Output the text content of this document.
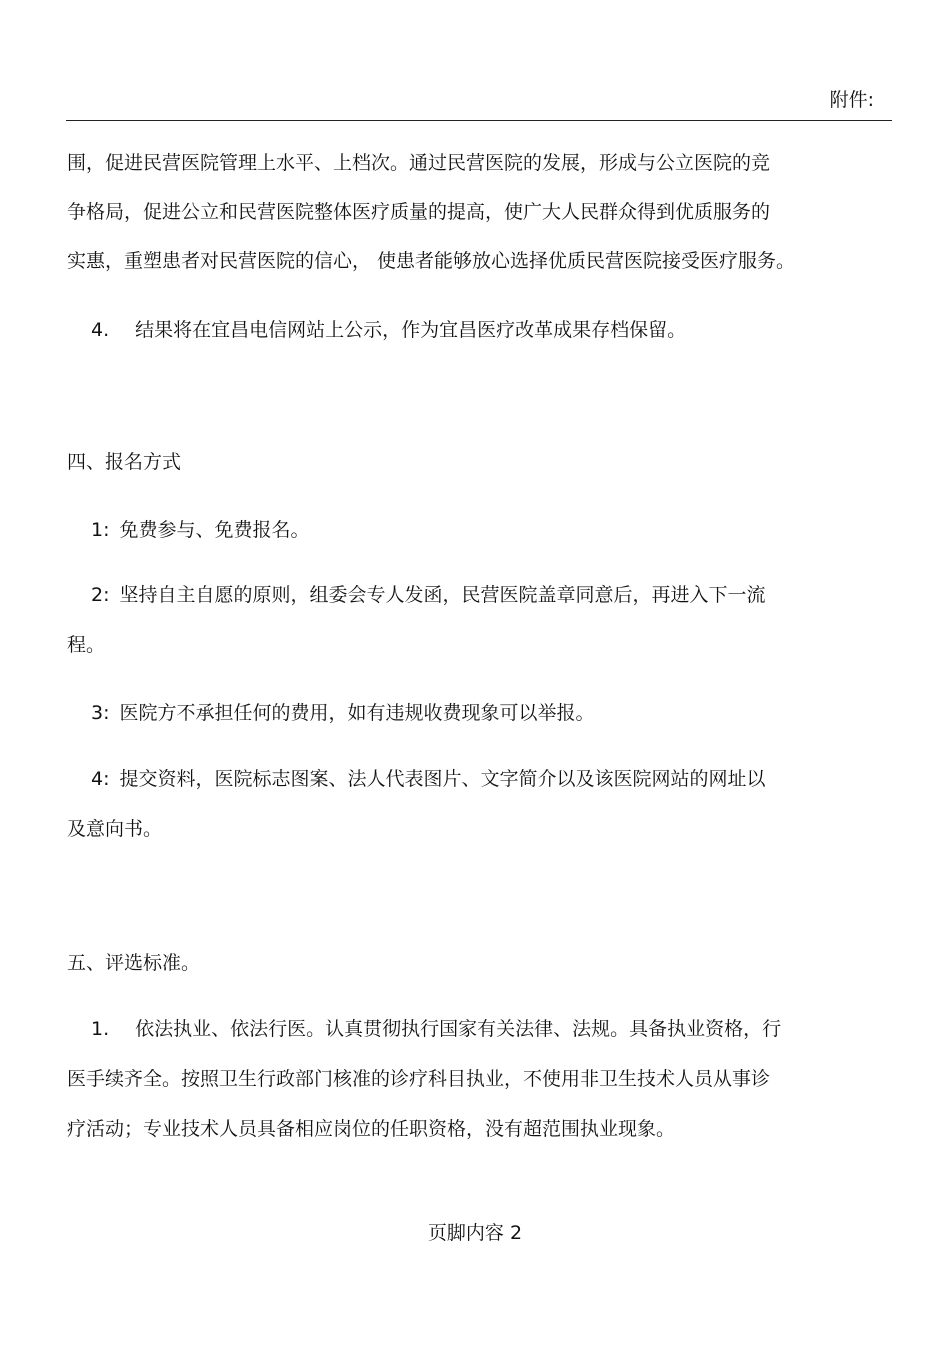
附件:
围，促进民营医院管理上水平、上档次。通过民营医院的发展，形成与公立医院的竞
争格局，促进公立和民营医院整体医疗质量的提高，使广大人民群众得到优质服务的
实惠，重塑患者对民营医院的信心， 使患者能够放心选择优质民营医院接受医疗服务。
4. 结果将在宜昌电信网站上公示，作为宜昌医疗改革成果存档保留。
四、报名方式
1: 免费参与、免费报名。
2: 坚持自主自愿的原则，组委会专人发函，民营医院盖章同意后，再进入下一流
程。
3: 医院方不承担任何的费用，如有违规收费现象可以举报。
4: 提交资料，医院标志图案、法人代表图片、文字简介以及该医院网站的网址以
及意向书。
五、评选标准。
1. 依法执业、依法行医。认真贯彻执行国家有关法律、法规。具备执业资格，行
医手续齐全。按照卫生行政部门核准的诊疗科目执业，不使用非卫生技术人员从事诊
疗活动；专业技术人员具备相应岗位的任职资格，没有超范围执业现象。
页脚内容 2
